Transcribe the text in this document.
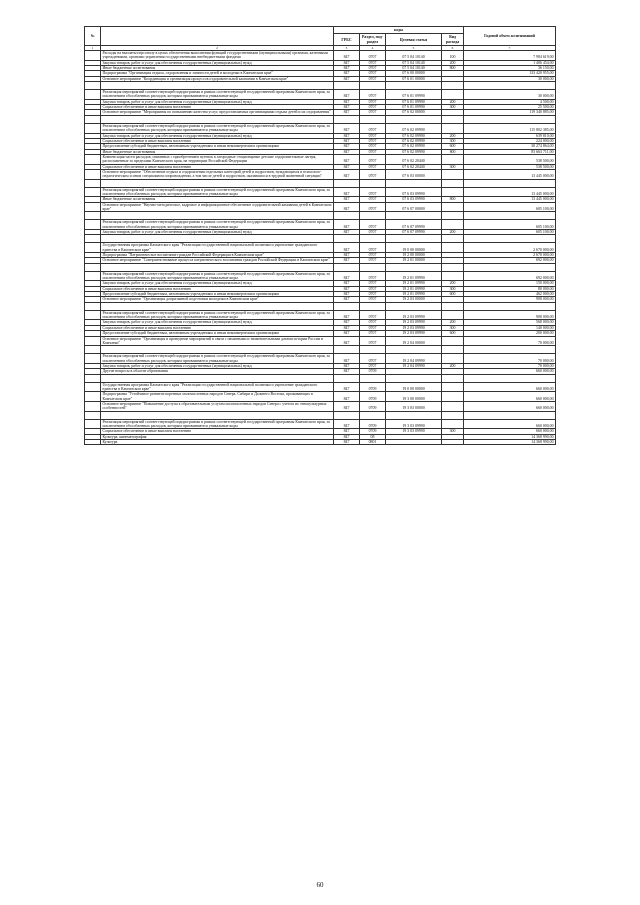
№		коды				Годовой объем ассигнований
		ГРБС	Раздел, под-раздел	Целевая статья	Вид расхода	
1	2	3	4	5	6	7
	Расходы на выплаты персоналу в целях обеспечения выполнения функций государственными (муниципальными) органами, казенными учреждениями, органами управления государственными внебюджетными фондами	847	0707	07 5 04 10140	100	7 984 619,00
	Закупка товаров, работ и услуг для обеспечения государственных (муниципальных) нужд	847	0707	07 5 04 10140	200	1 406 454,00
	Иные бюджетные ассигнования	847	0707	07 5 04 10140	800	36 150,00
	Подпрограмма "Организация отдыха, оздоровления и занятости детей и молодежи в Камчатском крае"	847	0707	07 6 00 00000		133 420 955,00
	Основное мероприятие "Координация и организация процессов оздоровительной кампании в Камчатском крае"	847	0707	07 6 01 00000		30 000,00

	Реализация мероприятий соответствующей подпрограммы в рамках соответствующей государственной программы Камчатского края, за исключением обособленных расходов, которым присваиваются уникальные коды	847	0707	07 6 01 09990		30 000,00
	Закупка товаров, работ и услуг для обеспечения государственных (муниципальных) нужд	847	0707	07 6 01 09990	200	4 500,00
	Социальное обеспечение и иные выплаты населению	847	0707	07 6 01 09990	300	25 500,00
	Основное мероприятие "Мероприятия по повышению качества услуг, предоставляемых организациями отдыха детей и их оздоровления"	847	0707	07 6 02 00000		119 340 885,00

	Реализация мероприятий соответствующей подпрограммы в рамках соответствующей государственной программы Камчатского края, за исключением обособленных расходов, которым присваиваются уникальные коды	847	0707	07 6 02 09990		115 802 385,00
	Закупка товаров, работ и услуг для обеспечения государственных (муниципальных) нужд	847	0707	07 6 02 09990	200	639 810,00
	Социальное обеспечение и иные выплаты населению	847	0707	07 6 02 09990	300	224 000,00
	Предоставление субсидий бюджетным, автономным учреждениям и иным некоммерческим организациям	847	0707	07 6 02 09990	600	30 274 864,00
	Иные бюджетные ассигнования	847	0707	07 6 02 09990	800	85 663 711,00
	Компенсация части расходов, связанных с приобретением путевок в загородные стационарные детские оздоровительные лагеря, расположенные за пределами Камчатского края, на территории Российской Федерации	847	0707	07 6 02 20440		538 500,00
	Социальное обеспечение и иные выплаты населению	847	0707	07 6 02 20440	300	538 500,00
	Основное мероприятие "Обеспечение отдыха и оздоровления отдельных категорий детей и подростков, нуждающихся в психолого-педагогическом и ином специальном сопровождении, а том числе детей и подростков, оказавшихся в трудной жизненной ситуации"	847	0707	07 6 03 00000		13 445 000,00

	Реализация мероприятий соответствующей подпрограммы в рамках соответствующей государственной программы Камчатского края, за исключением обособленных расходов, которым присваиваются уникальные коды	847	0707	07 6 03 09990		13 445 000,00
	Иные бюджетные ассигнования	847	0707	07 6 03 09990	800	13 445 000,00
	Основное мероприятие "Научно-методическое, кадровое и информационное обеспечение оздоровительной кампании детей в Камчатском крае"	847	0707	07 6 07 00000		605 100,00

	Реализация мероприятий соответствующей подпрограммы в рамках соответствующей государственной программы Камчатского края, за исключением обособленных расходов, которым присваиваются уникальные коды	847	0707	07 6 07 09990		605 100,00
	Закупка товаров, работ и услуг для обеспечения государственных (муниципальных) нужд	847	0707	07 6 07 09990	200	605 100,00

	Государственная программа Камчатского края "Реализация государственной национальной политики и укрепление гражданского единства в Камчатском крае"	847	0707	19 0 00 00000		2 670 000,00
	Подпрограмма "Патриотическое воспитание граждан Российской Федерации в Камчатском крае"	847	0707	19 2 00 00000		2 670 000,00
	Основное мероприятие "Совершенствование процесса патриотического воспитания граждан Российской Федерации в Камчатском крае"	847	0707	19 2 01 00000		692 000,00

	Реализация мероприятий соответствующей подпрограммы в рамках соответствующей государственной программы Камчатского края, за исключением обособленных расходов, которым присваиваются уникальные коды	847	0707	19 2 01 09990		692 000,00
	Закупка товаров, работ и услуг для обеспечения государственных (муниципальных) нужд	847	0707	19 2 01 09990	200	150 000,00
	Социальное обеспечение и иные выплаты населению	847	0707	19 2 01 09990	300	80 000,00
	Предоставление субсидий бюджетным, автономным учреждениям и иным некоммерческим организациям	847	0707	19 2 01 09990	600	462 000,00
	Основное мероприятие "Организация допризывной подготовки молодежи в Камчатском крае"	847	0707	19 2 03 00000		908 000,00

	Реализация мероприятий соответствующей подпрограммы в рамках соответствующей государственной программы Камчатского края, за исключением обособленных расходов, которым присваиваются уникальные коды	847	0707	19 2 03 09990		908 000,00
	Закупка товаров, работ и услуг для обеспечения государственных (муниципальных) нужд	847	0707	19 2 03 09990	200	568 000,00
	Социальное обеспечение и иные выплаты населению	847	0707	19 2 03 09990	300	140 000,00
	Предоставление субсидий бюджетным, автономным учреждениям и иным некоммерческим организациям	847	0707	19 2 03 09990	600	200 000,00
	Основное мероприятие "Организация и проведение мероприятий в связи с памятными и знаменательными датами истории России и Камчатки"	847	0707	19 2 04 00000		70 000,00

	Реализация мероприятий соответствующей подпрограммы в рамках соответствующей государственной программы Камчатского края, за исключением обособленных расходов, которым присваиваются уникальные коды	847	0707	19 2 04 09990		70 000,00
	Закупка товаров, работ и услуг для обеспечения государственных (муниципальных) нужд	847	0707	19 2 04 09990	200	70 000,00
	Другие вопросы в области образования	847	0709			660 000,00

	Государственная программа Камчатского края "Реализация государственной национальной политики и укрепление гражданского единства в Камчатском крае"	847	0709	19 0 00 00000		660 000,00
	Подпрограмма "Устойчивое развитие коренных малочисленных народов Севера, Сибири и Дальнего Востока, проживающих в Камчатском крае"	847	0709	19 3 00 00000		660 000,00
	Основное мероприятие "Повышение доступа к образовательным услугам малочисленных народов Севера с учетом их этнокультурных особенностей"	847	0709	19 3 03 00000		660 000,00

	Реализация мероприятий соответствующей подпрограммы в рамках соответствующей государственной программы Камчатского края, за исключением обособленных расходов, которым присваиваются уникальные коды	847	0709	19 3 03 09990		660 000,00
	Социальное обеспечение и иные выплаты населению	847	0709	19 3 03 09990	300	660 000,00
	Культура, кинематография	847	08			14 368 990,00
	Культура	847	0801			14 368 990,00
60
